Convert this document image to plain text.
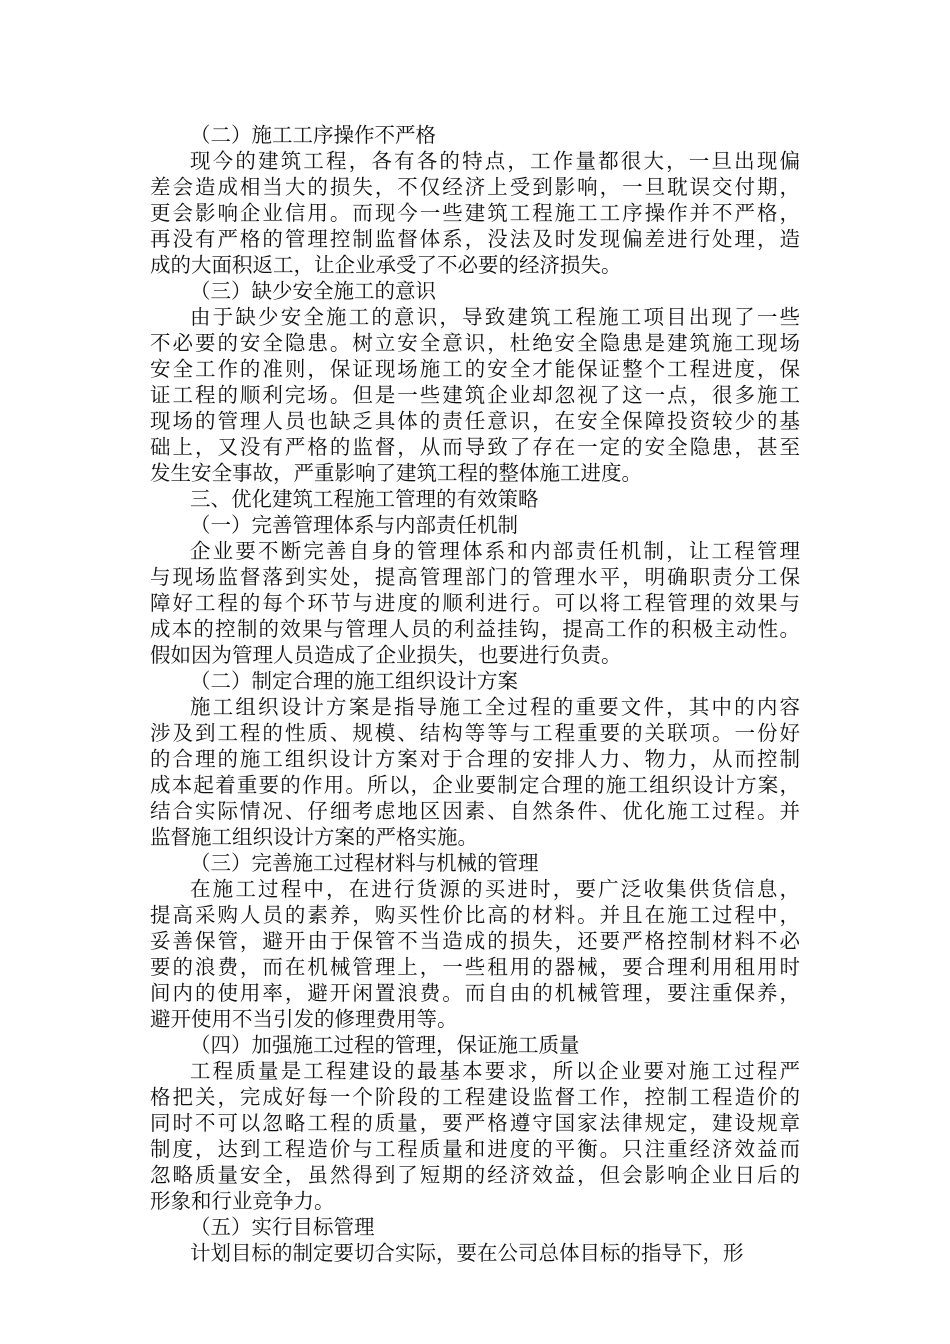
（二）施工工序操作不严格
现今的建筑工程，各有各的特点，工作量都很大，一旦出现偏
差会造成相当大的损失，不仅经济上受到影响，一旦耽误交付期，
更会影响企业信用。而现今一些建筑工程施工工序操作并不严格，
再没有严格的管理控制监督体系，没法及时发现偏差进行处理，造
成的大面积返工，让企业承受了不必要的经济损失。
（三）缺少安全施工的意识
由于缺少安全施工的意识，导致建筑工程施工项目出现了一些
不必要的安全隐患。树立安全意识，杜绝安全隐患是建筑施工现场
安全工作的准则，保证现场施工的安全才能保证整个工程进度，保
证工程的顺利完场。但是一些建筑企业却忽视了这一点，很多施工
现场的管理人员也缺乏具体的责任意识，在安全保障投资较少的基
础上，又没有严格的监督，从而导致了存在一定的安全隐患，甚至
发生安全事故，严重影响了建筑工程的整体施工进度。
三、优化建筑工程施工管理的有效策略
（一）完善管理体系与内部责任机制
企业要不断完善自身的管理体系和内部责任机制，让工程管理
与现场监督落到实处，提高管理部门的管理水平，明确职责分工保
障好工程的每个环节与进度的顺利进行。可以将工程管理的效果与
成本的控制的效果与管理人员的利益挂钩，提高工作的积极主动性。
假如因为管理人员造成了企业损失，也要进行负责。
（二）制定合理的施工组织设计方案
施工组织设计方案是指导施工全过程的重要文件，其中的内容
涉及到工程的性质、规模、结构等等与工程重要的关联项。一份好
的合理的施工组织设计方案对于合理的安排人力、物力，从而控制
成本起着重要的作用。所以，企业要制定合理的施工组织设计方案，
结合实际情况、仔细考虑地区因素、自然条件、优化施工过程。并
监督施工组织设计方案的严格实施。
（三）完善施工过程材料与机械的管理
在施工过程中，在进行货源的买进时，要广泛收集供货信息，
提高采购人员的素养，购买性价比高的材料。并且在施工过程中，
妥善保管，避开由于保管不当造成的损失，还要严格控制材料不必
要的浪费，而在机械管理上，一些租用的器械，要合理利用租用时
间内的使用率，避开闲置浪费。而自由的机械管理，要注重保养，
避开使用不当引发的修理费用等。
（四）加强施工过程的管理，保证施工质量
工程质量是工程建设的最基本要求，所以企业要对施工过程严
格把关，完成好每一个阶段的工程建设监督工作，控制工程造价的
同时不可以忽略工程的质量，要严格遵守国家法律规定，建设规章
制度，达到工程造价与工程质量和进度的平衡。只注重经济效益而
忽略质量安全，虽然得到了短期的经济效益，但会影响企业日后的
形象和行业竞争力。
（五）实行目标管理
计划目标的制定要切合实际，要在公司总体目标的指导下，形
